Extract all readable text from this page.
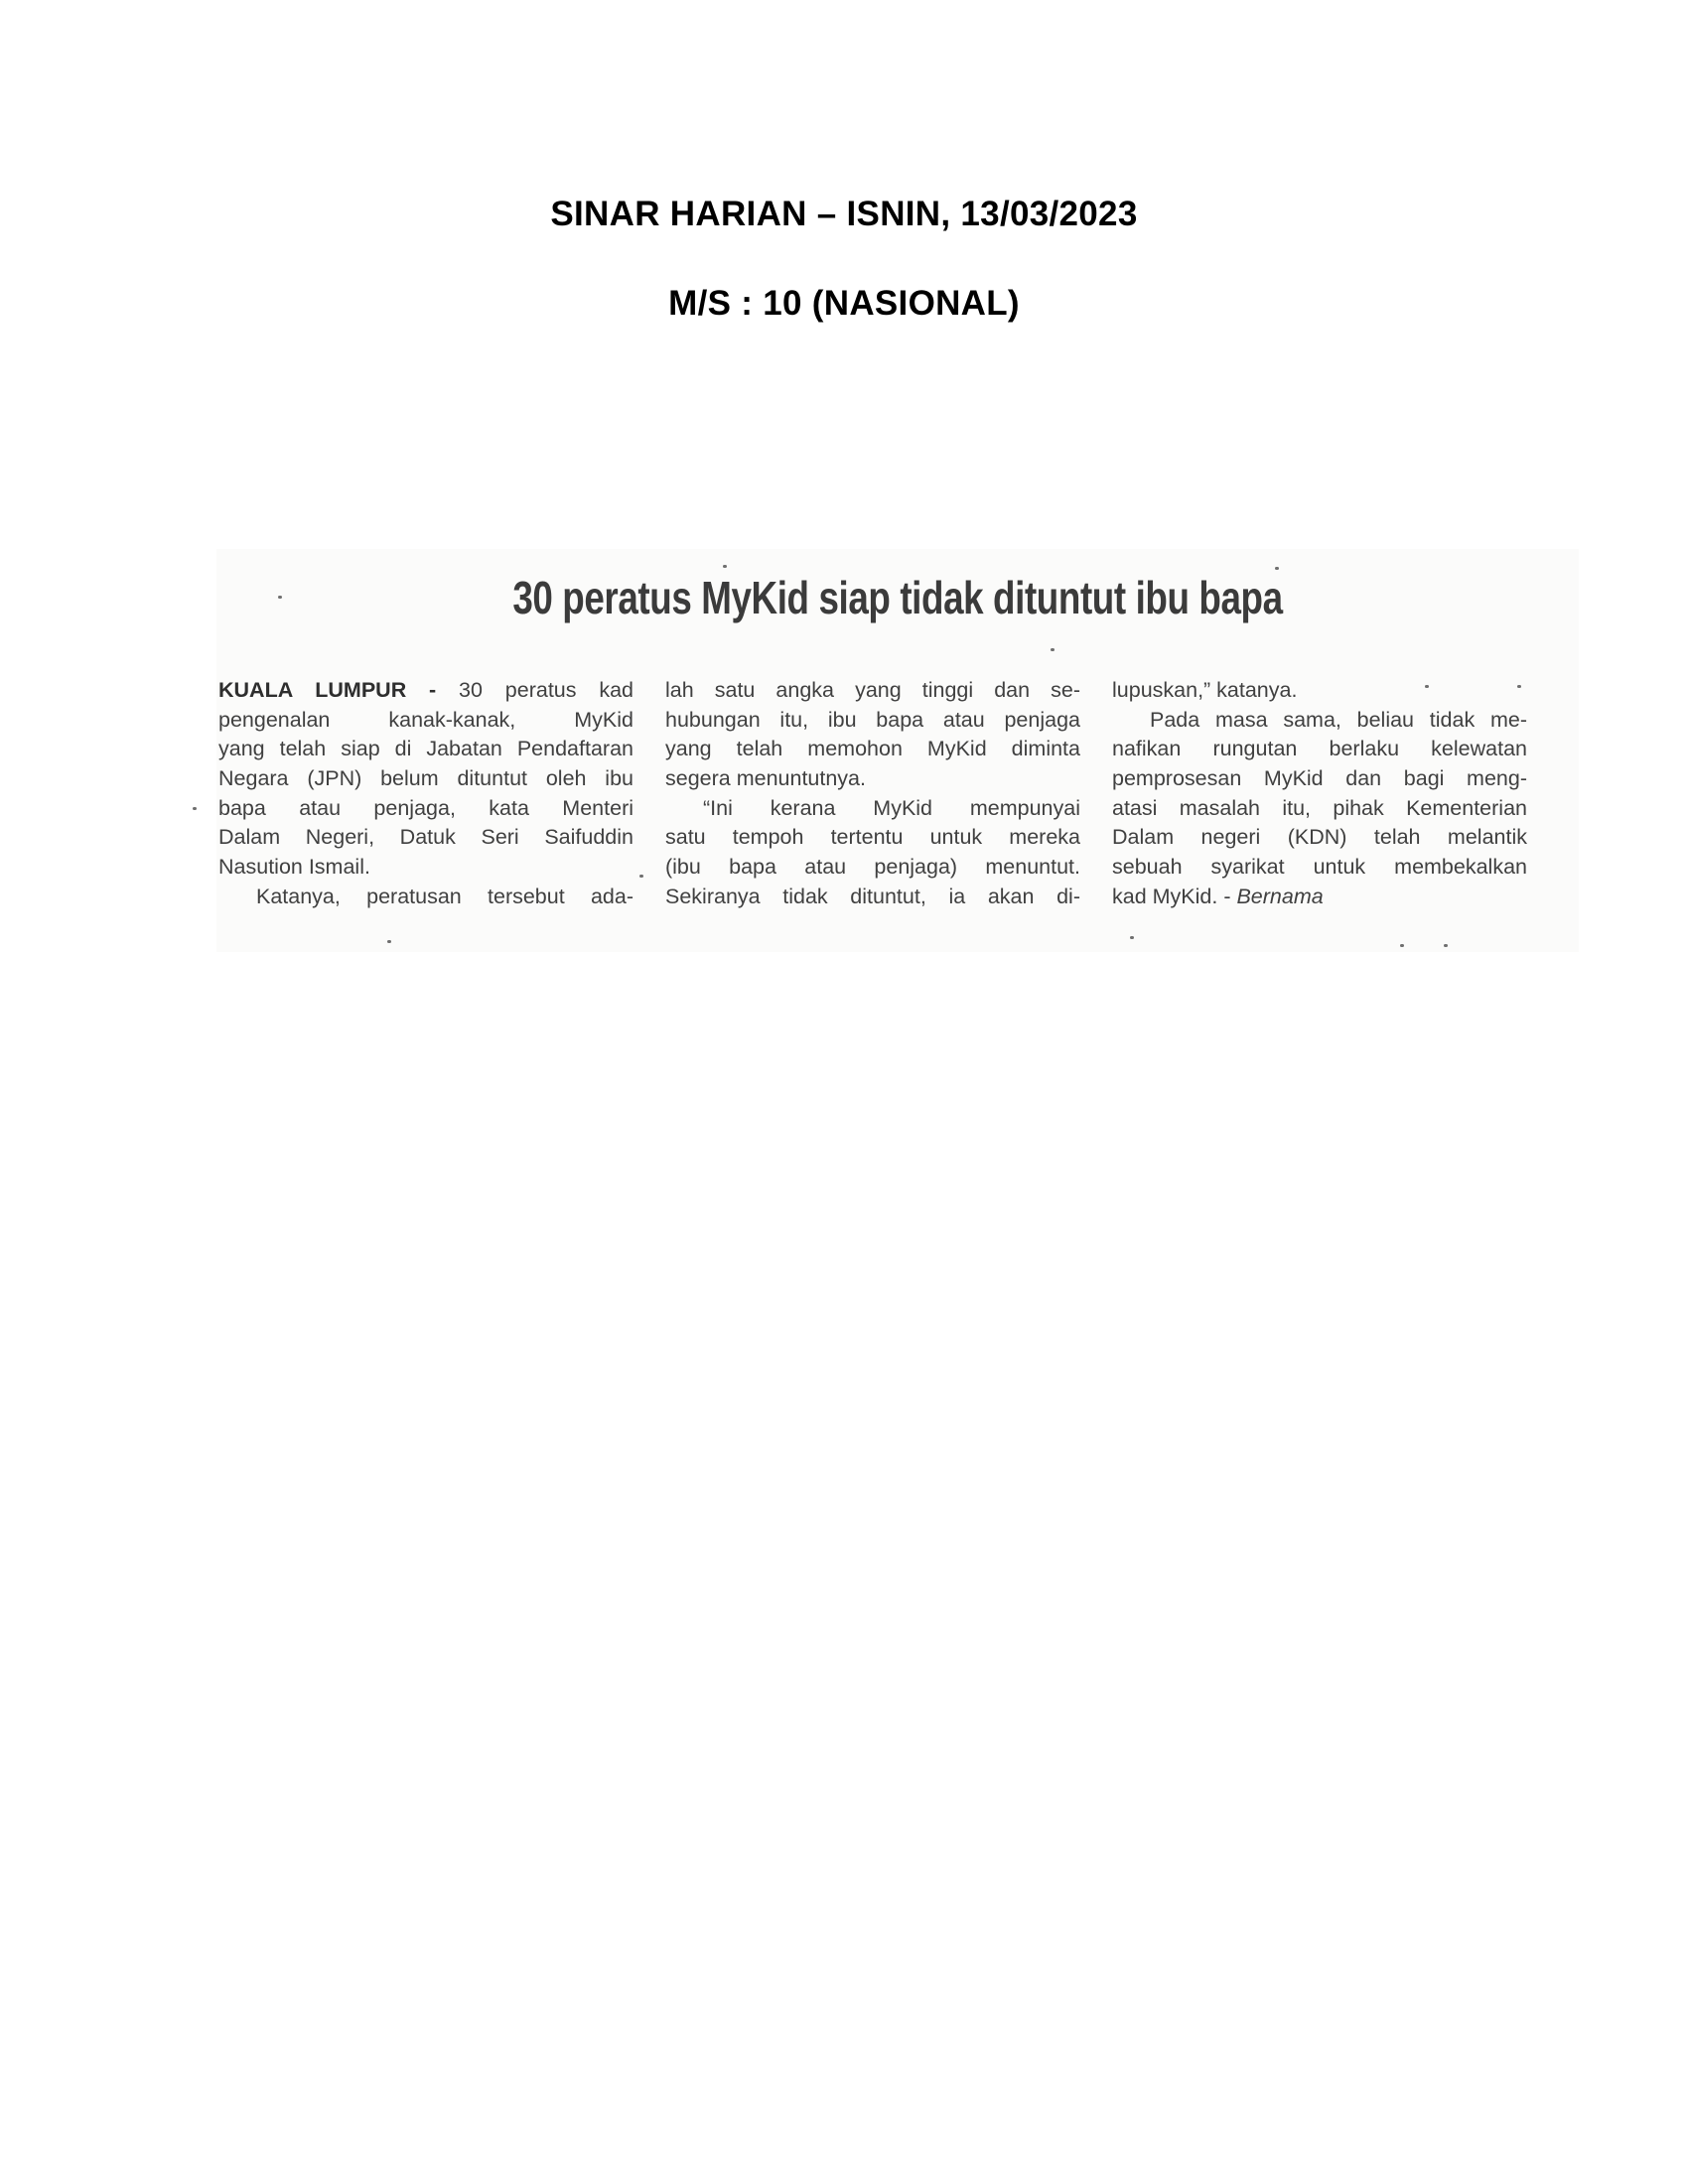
SINAR HARIAN – ISNIN, 13/03/2023
M/S : 10 (NASIONAL)
30 peratus MyKid siap tidak dituntut ibu bapa
KUALA LUMPUR - 30 peratus kad
pengenalan kanak-kanak, MyKid
yang telah siap di Jabatan Pendaftaran
Negara (JPN) belum dituntut oleh ibu
bapa atau penjaga, kata Menteri
Dalam Negeri, Datuk Seri Saifuddin
Nasution Ismail.
Katanya, peratusan tersebut ada-
lah satu angka yang tinggi dan se-
hubungan itu, ibu bapa atau penjaga
yang telah memohon MyKid diminta
segera menuntutnya.
“Ini kerana MyKid mempunyai
satu tempoh tertentu untuk mereka
(ibu bapa atau penjaga) menuntut.
Sekiranya tidak dituntut, ia akan di-
lupuskan,” katanya.
Pada masa sama, beliau tidak me-
nafikan rungutan berlaku kelewatan
pemprosesan MyKid dan bagi meng-
atasi masalah itu, pihak Kementerian
Dalam negeri (KDN) telah melantik
sebuah syarikat untuk membekalkan
kad MyKid. - Bernama
